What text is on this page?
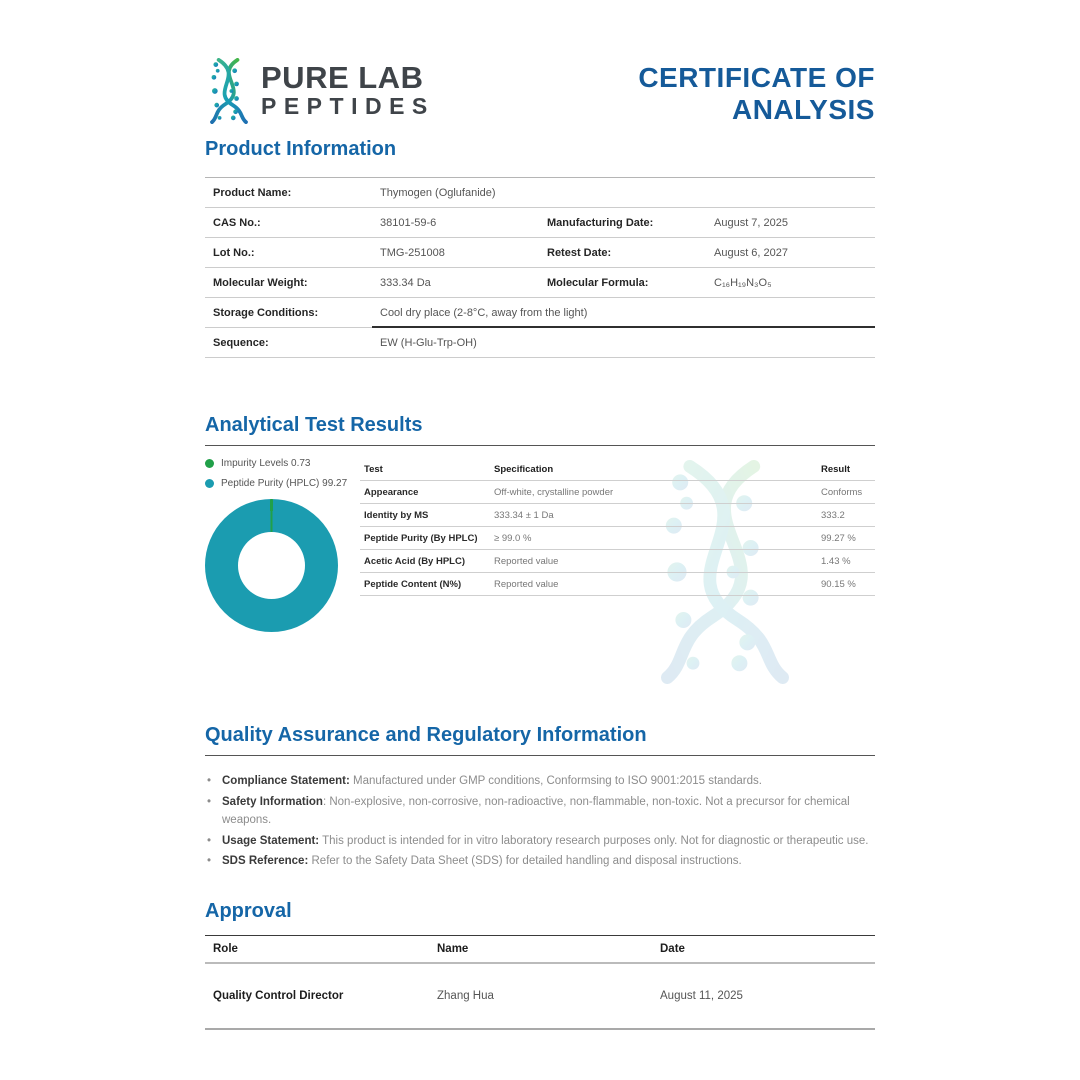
PURE LAB
PEPTIDES
CERTIFICATE OF
ANALYSIS
Product Information
Product Name:	Thymogen (Oglufanide)
CAS No.:	38101-59-6	Manufacturing Date:	August 7, 2025
Lot No.:	TMG-251008	Retest Date:	August 6, 2027
Molecular Weight:	333.34 Da	Molecular Formula:	C₁₆H₁₉N₃O₅
Storage Conditions:	Cool dry place (2-8°C, away from the light)
Sequence:	EW (H-Glu-Trp-OH)
Analytical Test Results
Impurity Levels 0.73
Peptide Purity (HPLC) 99.27
Test	Specification	Result
Appearance	Off-white, crystalline powder	Conforms
Identity by MS	333.34 ± 1 Da	333.2
Peptide Purity (By HPLC)	≥ 99.0 %	99.27 %
Acetic Acid (By HPLC)	Reported value	1.43 %
Peptide Content (N%)	Reported value	90.15 %
Quality Assurance and Regulatory Information
• Compliance Statement: Manufactured under GMP conditions, Conformsing to ISO 9001:2015 standards.
• Safety Information: Non-explosive, non-corrosive, non-radioactive, non-flammable, non-toxic. Not a precursor for chemical weapons.
• Usage Statement: This product is intended for in vitro laboratory research purposes only. Not for diagnostic or therapeutic use.
• SDS Reference: Refer to the Safety Data Sheet (SDS) for detailed handling and disposal instructions.
Approval
Role	Name	Date
Quality Control Director	Zhang Hua	August 11, 2025
